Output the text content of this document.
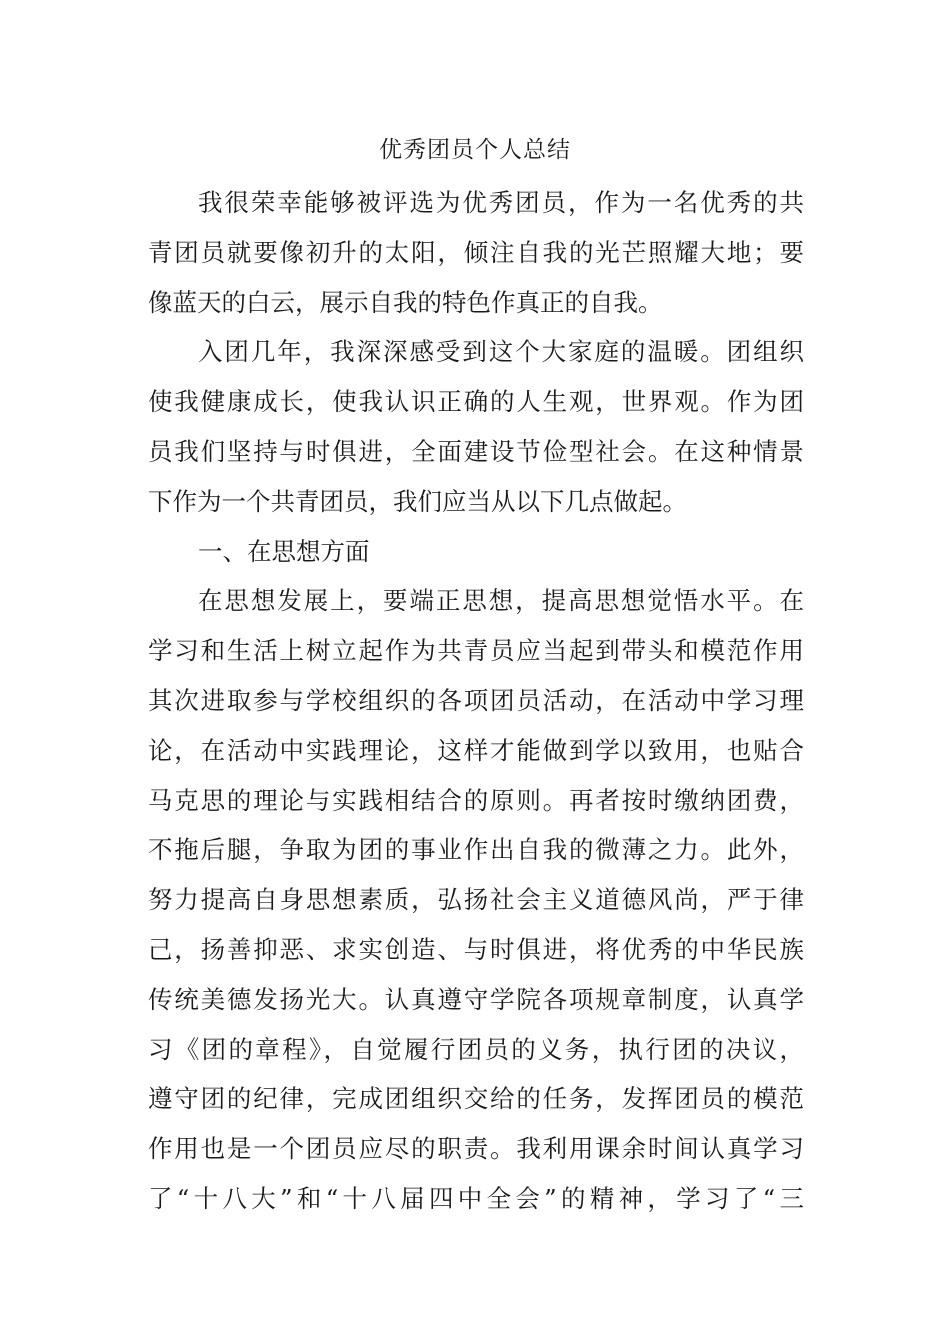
优秀团员个人总结
我很荣幸能够被评选为优秀团员，作为一名优秀的共
青团员就要像初升的太阳，倾注自我的光芒照耀大地；要
像蓝天的白云，展示自我的特色作真正的自我。
入团几年，我深深感受到这个大家庭的温暖。团组织
使我健康成长，使我认识正确的人生观，世界观。作为团
员我们坚持与时俱进，全面建设节俭型社会。在这种情景
下作为一个共青团员，我们应当从以下几点做起。
一、在思想方面
在思想发展上，要端正思想，提高思想觉悟水平。在
学习和生活上树立起作为共青员应当起到带头和模范作用
其次进取参与学校组织的各项团员活动，在活动中学习理
论，在活动中实践理论，这样才能做到学以致用，也贴合
马克思的理论与实践相结合的原则。再者按时缴纳团费，
不拖后腿，争取为团的事业作出自我的微薄之力。此外，
努力提高自身思想素质，弘扬社会主义道德风尚，严于律
己，扬善抑恶、求实创造、与时俱进，将优秀的中华民族
传统美德发扬光大。认真遵守学院各项规章制度，认真学
习《团的章程》，自觉履行团员的义务，执行团的决议，
遵守团的纪律，完成团组织交给的任务，发挥团员的模范
作用也是一个团员应尽的职责。我利用课余时间认真学习
了“十八大”和“十八届四中全会”的精神，学习了“三
